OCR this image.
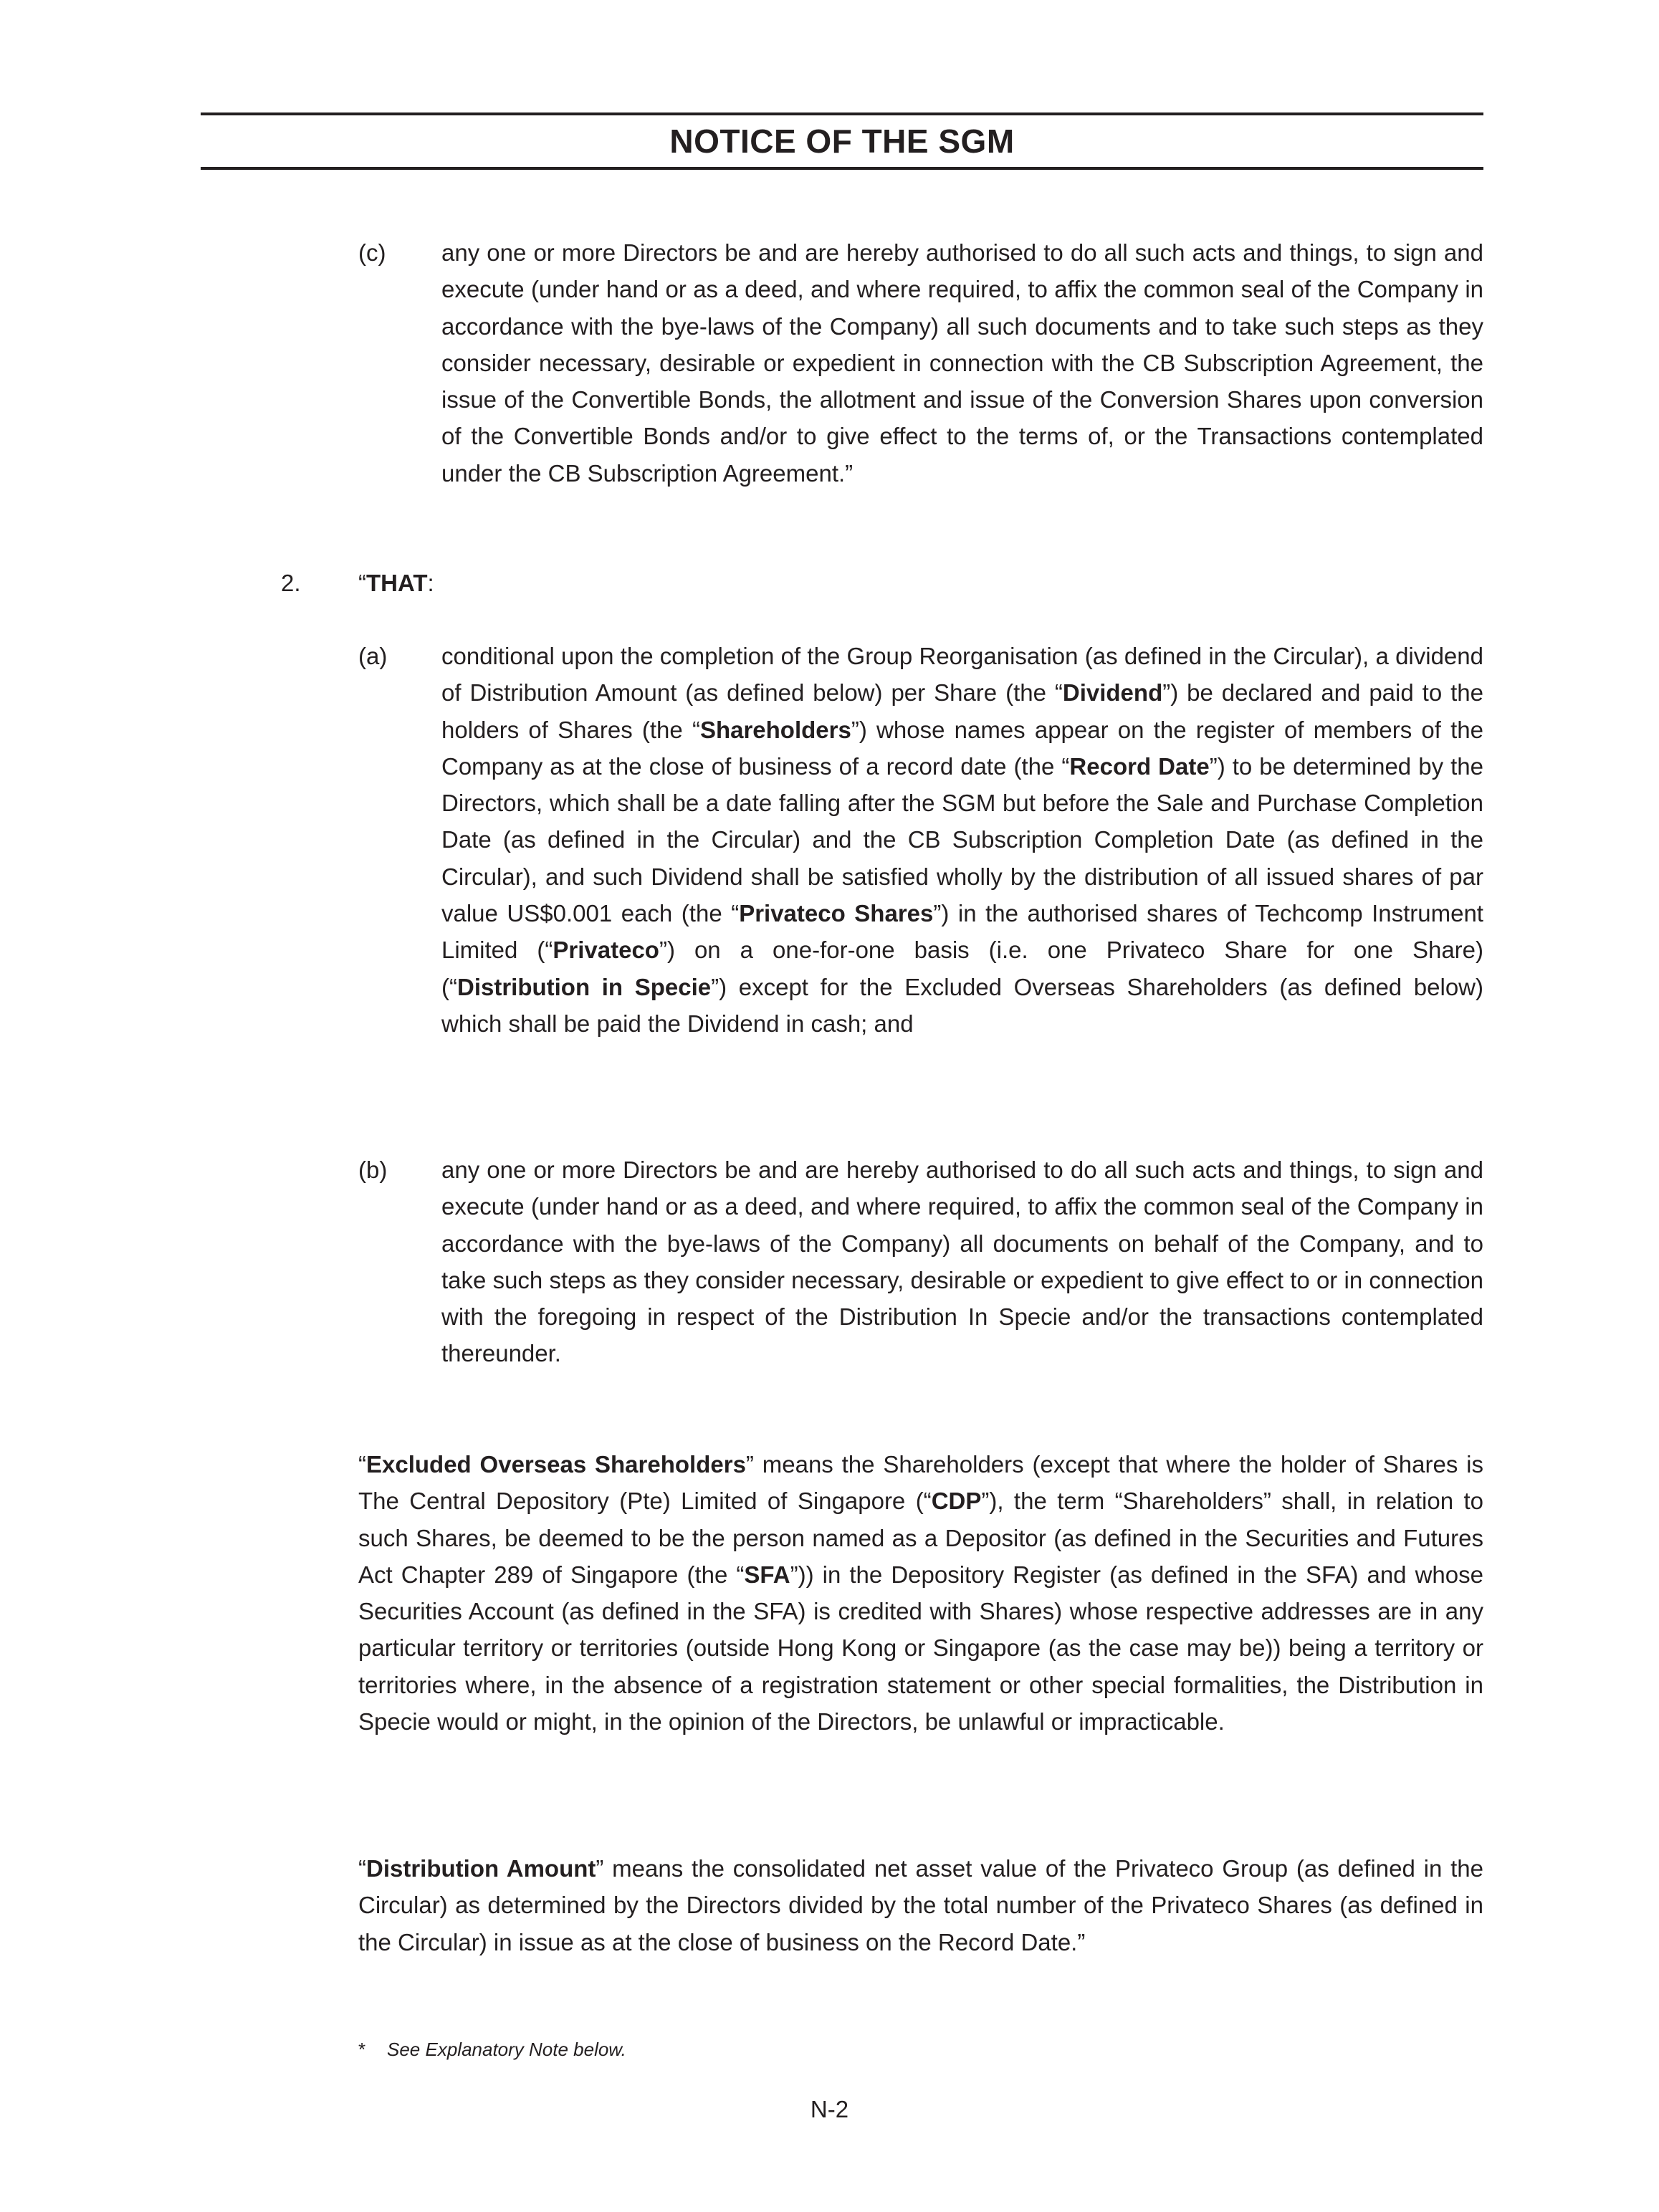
NOTICE OF THE SGM
(c) any one or more Directors be and are hereby authorised to do all such acts and things, to sign and execute (under hand or as a deed, and where required, to affix the common seal of the Company in accordance with the bye-laws of the Company) all such documents and to take such steps as they consider necessary, desirable or expedient in connection with the CB Subscription Agreement, the issue of the Convertible Bonds, the allotment and issue of the Conversion Shares upon conversion of the Convertible Bonds and/or to give effect to the terms of, or the Transactions contemplated under the CB Subscription Agreement.”
2. “THAT:
(a) conditional upon the completion of the Group Reorganisation (as defined in the Circular), a dividend of Distribution Amount (as defined below) per Share (the “Dividend”) be declared and paid to the holders of Shares (the “Shareholders”) whose names appear on the register of members of the Company as at the close of business of a record date (the “Record Date”) to be determined by the Directors, which shall be a date falling after the SGM but before the Sale and Purchase Completion Date (as defined in the Circular) and the CB Subscription Completion Date (as defined in the Circular), and such Dividend shall be satisfied wholly by the distribution of all issued shares of par value US$0.001 each (the “Privateco Shares”) in the authorised shares of Techcomp Instrument Limited (“Privateco”) on a one-for-one basis (i.e. one Privateco Share for one Share) (“Distribution in Specie”) except for the Excluded Overseas Shareholders (as defined below) which shall be paid the Dividend in cash; and
(b) any one or more Directors be and are hereby authorised to do all such acts and things, to sign and execute (under hand or as a deed, and where required, to affix the common seal of the Company in accordance with the bye-laws of the Company) all documents on behalf of the Company, and to take such steps as they consider necessary, desirable or expedient to give effect to or in connection with the foregoing in respect of the Distribution In Specie and/or the transactions contemplated thereunder.
“Excluded Overseas Shareholders” means the Shareholders (except that where the holder of Shares is The Central Depository (Pte) Limited of Singapore (“CDP”), the term “Shareholders” shall, in relation to such Shares, be deemed to be the person named as a Depositor (as defined in the Securities and Futures Act Chapter 289 of Singapore (the “SFA”)) in the Depository Register (as defined in the SFA) and whose Securities Account (as defined in the SFA) is credited with Shares) whose respective addresses are in any particular territory or territories (outside Hong Kong or Singapore (as the case may be)) being a territory or territories where, in the absence of a registration statement or other special formalities, the Distribution in Specie would or might, in the opinion of the Directors, be unlawful or impracticable.
“Distribution Amount” means the consolidated net asset value of the Privateco Group (as defined in the Circular) as determined by the Directors divided by the total number of the Privateco Shares (as defined in the Circular) in issue as at the close of business on the Record Date.”
* See Explanatory Note below.
N-2
